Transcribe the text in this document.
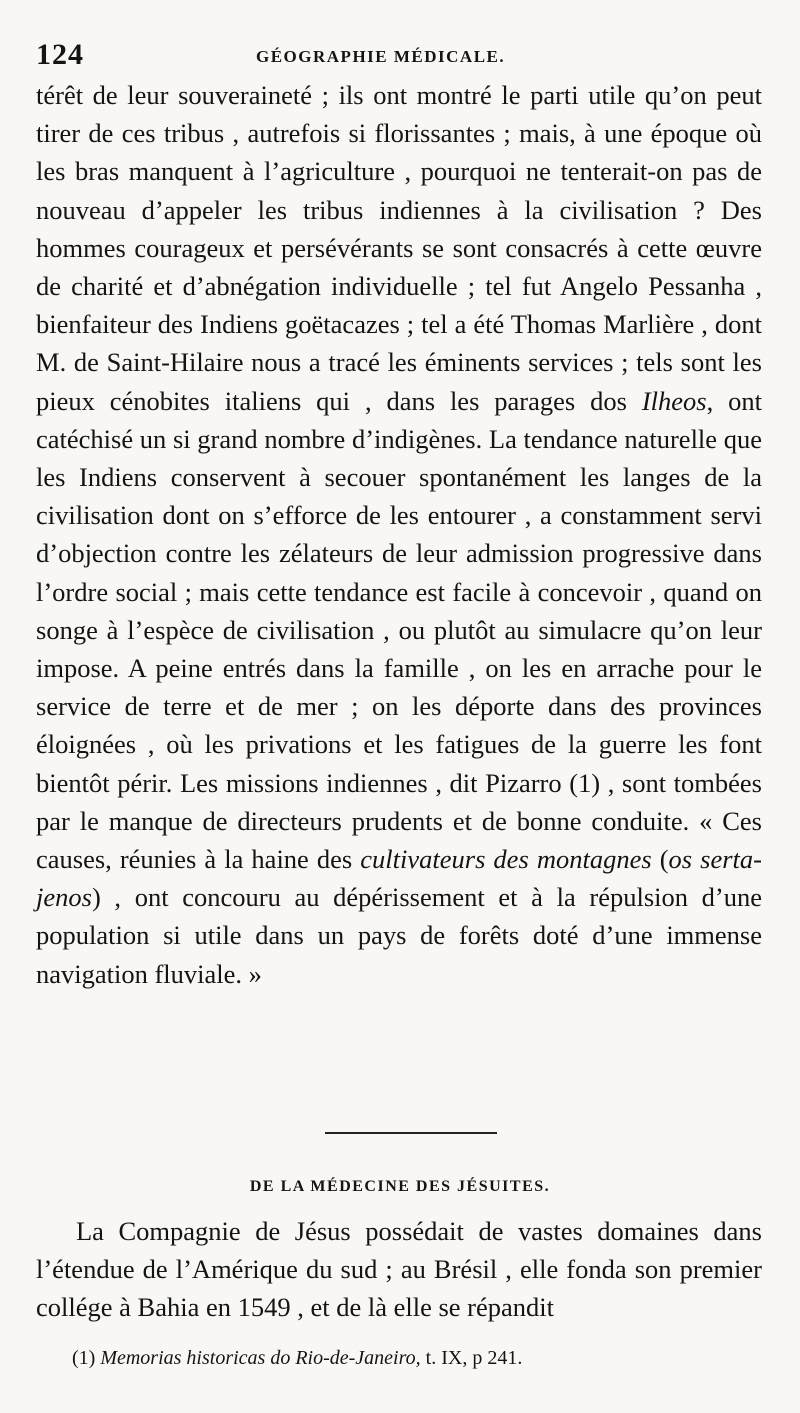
124	GÉOGRAPHIE MÉDICALE.
térêt de leur souveraineté ; ils ont montré le parti utile qu’on peut tirer de ces tribus , autrefois si florissantes ; mais, à une époque où les bras manquent à l’agriculture , pourquoi ne tenterait-on pas de nouveau d’appeler les tribus indiennes à la civilisation ? Des hommes courageux et persévérants se sont consacrés à cette œuvre de charité et d’abnégation individuelle ; tel fut Angelo Pessanha , bienfaiteur des Indiens goëtacazes ; tel a été Thomas Marlière , dont M. de Saint-Hilaire nous a tracé les éminents services ; tels sont les pieux cénobites italiens qui , dans les parages dos Ilheos, ont catéchisé un si grand nombre d’indigènes. La tendance naturelle que les Indiens conservent à secouer spontanément les langes de la civilisation dont on s’efforce de les entourer , a constamment servi d’objection contre les zélateurs de leur admission progressive dans l’ordre social ; mais cette tendance est facile à concevoir , quand on songe à l’espèce de civilisation , ou plutôt au simulacre qu’on leur impose. A peine entrés dans la famille , on les en arrache pour le service de terre et de mer ; on les déporte dans des provinces éloignées , où les privations et les fatigues de la guerre les font bientôt périr. Les missions indiennes , dit Pizarro (1) , sont tombées par le manque de directeurs prudents et de bonne conduite. « Ces causes, réunies à la haine des cultivateurs des montagnes (os serta-jenos) , ont concouru au dépérissement et à la répulsion d’une population si utile dans un pays de forêts doté d’une immense navigation fluviale. »
DE LA MÉDECINE DES JÉSUITES.
La Compagnie de Jésus possédait de vastes domaines dans l’étendue de l’Amérique du sud ; au Brésil , elle fonda son premier collége à Bahia en 1549 , et de là elle se répandit
(1) Memorias historicas do Rio-de-Janeiro, t. IX, p 241.
